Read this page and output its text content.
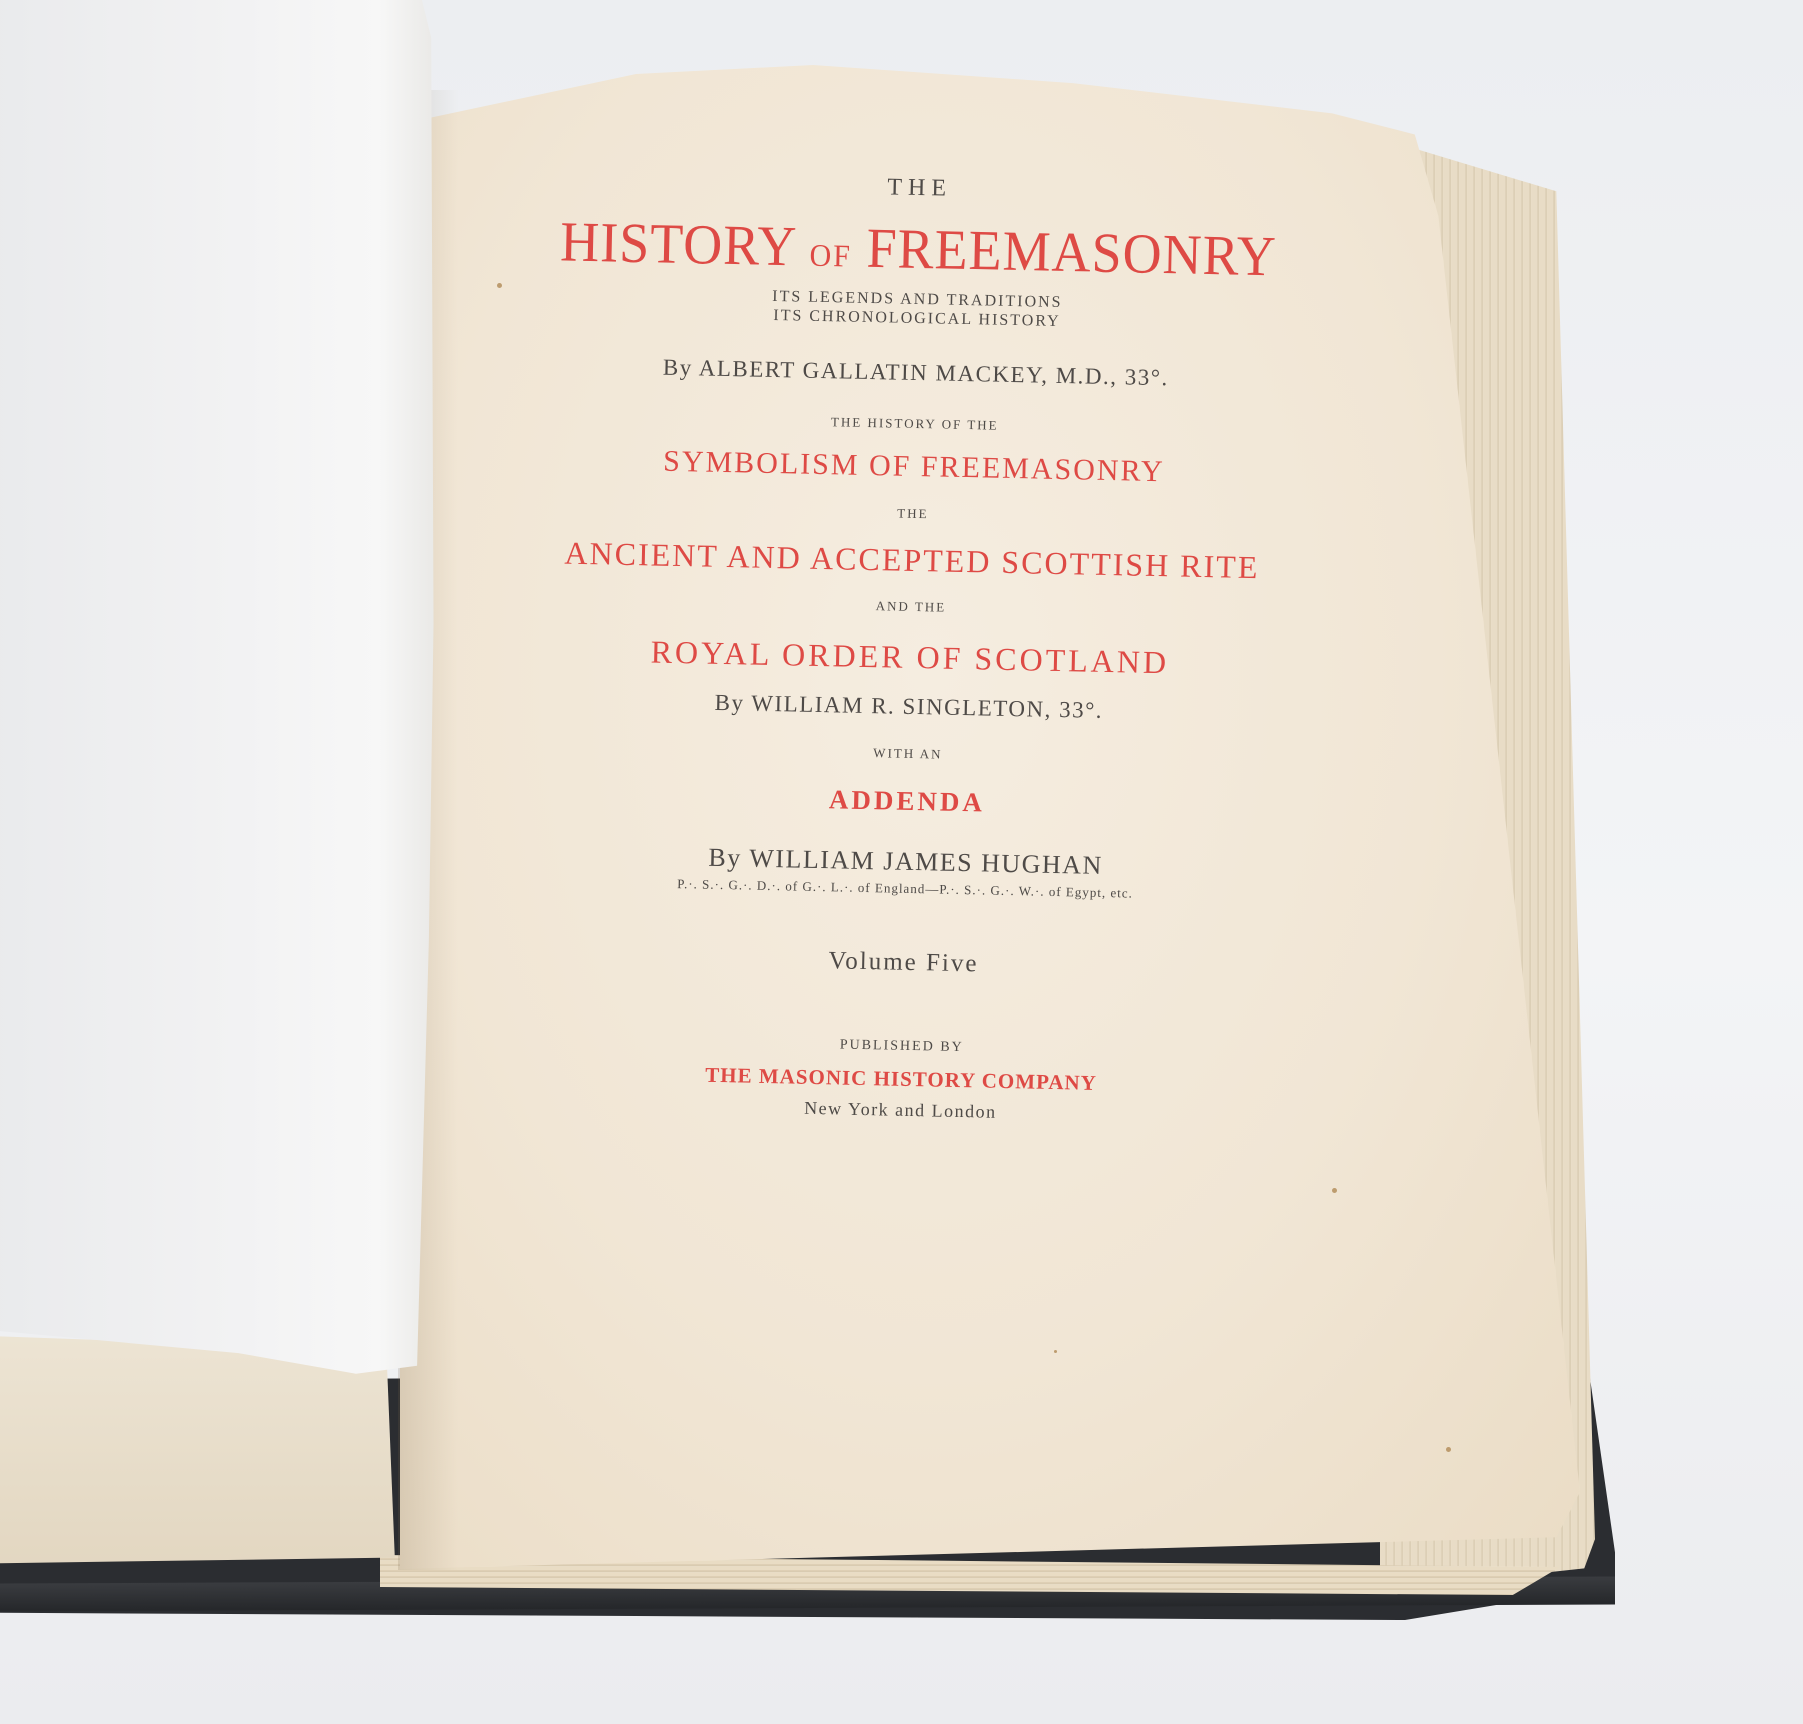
THE
HISTORY OF FREEMASONRY
ITS LEGENDS AND TRADITIONS
ITS CHRONOLOGICAL HISTORY
By ALBERT GALLATIN MACKEY, M.D., 33°.
THE HISTORY OF THE
SYMBOLISM OF FREEMASONRY
THE
ANCIENT AND ACCEPTED SCOTTISH RITE
AND THE
ROYAL ORDER OF SCOTLAND
By WILLIAM R. SINGLETON, 33°.
WITH AN
ADDENDA
By WILLIAM JAMES HUGHAN
P.·. S.·. G.·. D.·. of G.·. L.·. of England—P.·. S.·. G.·. W.·. of Egypt, etc.
Volume Five
PUBLISHED BY
THE MASONIC HISTORY COMPANY
New York and London
